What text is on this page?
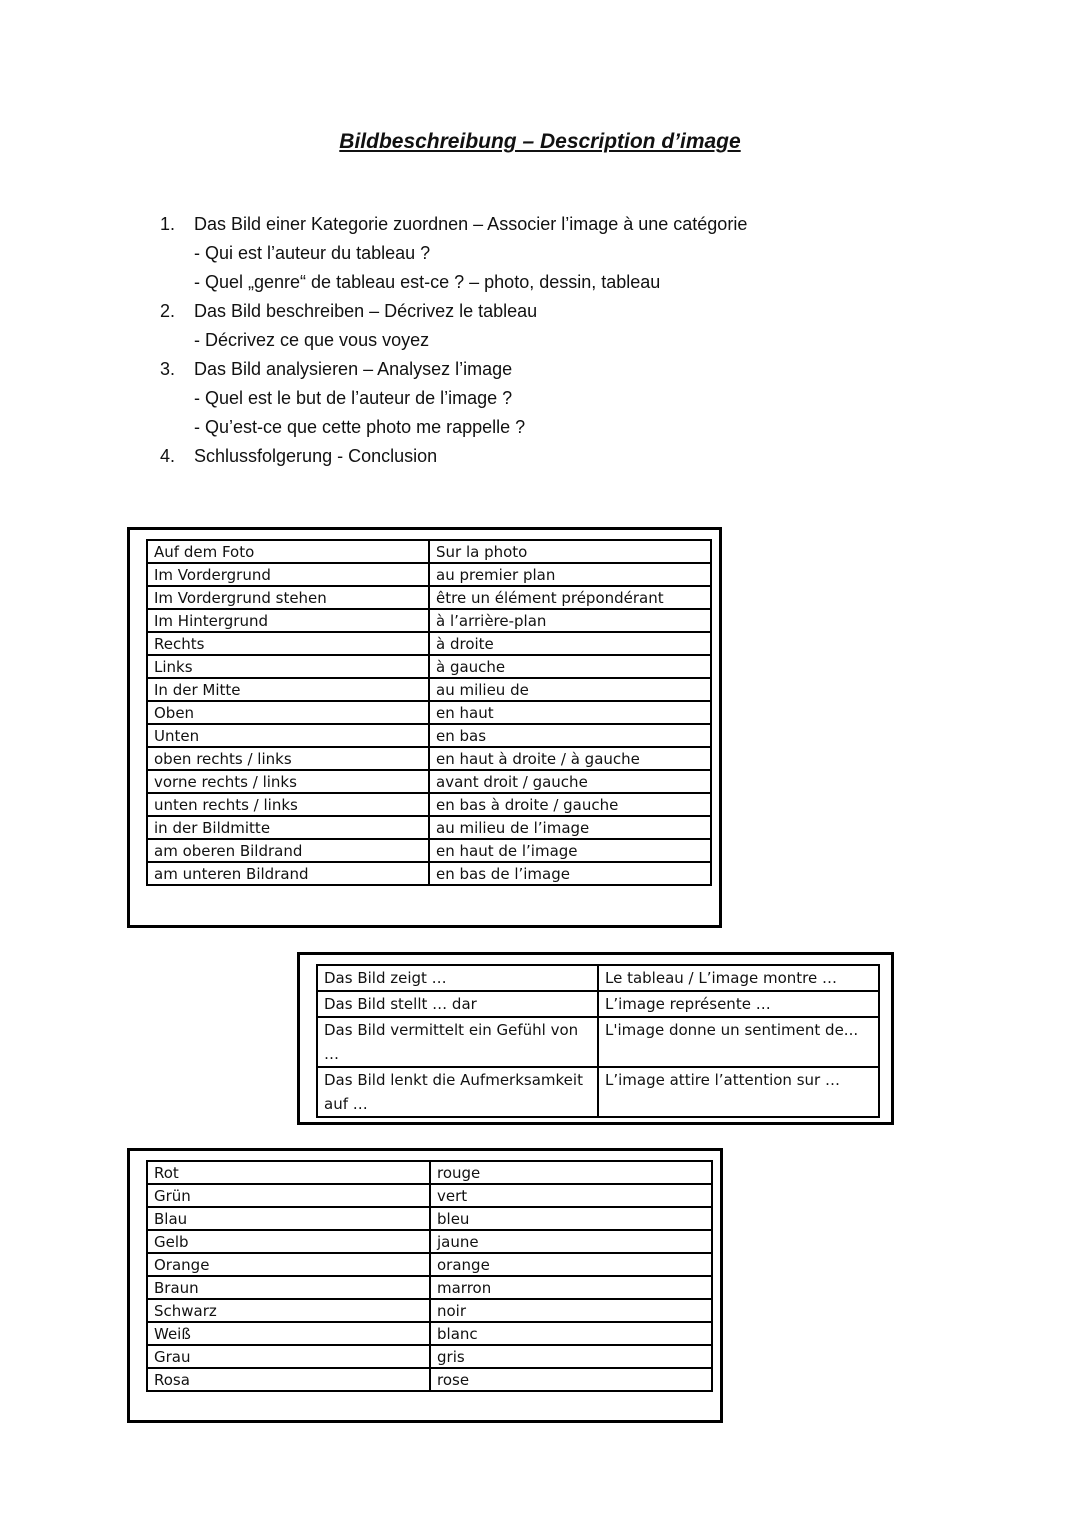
Bildbeschreibung – Description d’image
1. Das Bild einer Kategorie zuordnen – Associer l’image à une catégorie
- Qui est l’auteur du tableau ?
- Quel „genre“ de tableau est-ce ? – photo, dessin, tableau
2. Das Bild beschreiben – Décrivez le tableau
- Décrivez ce que vous voyez
3. Das Bild analysieren – Analysez l’image
- Quel est le but de l’auteur de l’image ?
- Qu’est-ce que cette photo me rappelle ?
4. Schlussfolgerung - Conclusion
Auf dem Foto	Sur la photo
Im Vordergrund	au premier plan
Im Vordergrund stehen	être un élément prépondérant
Im Hintergrund	à l’arrière-plan
Rechts	à droite
Links	à gauche
In der Mitte	au milieu de
Oben	en haut
Unten	en bas
oben rechts / links	en haut à droite / à gauche
vorne rechts / links	avant droit / gauche
unten rechts / links	en bas à droite / gauche
in der Bildmitte	au milieu de l’image
am oberen Bildrand	en haut de l’image
am unteren Bildrand	en bas de l’image
Das Bild zeigt …	Le tableau / L’image montre …
Das Bild stellt … dar	L’image représente …
Das Bild vermittelt ein Gefühl von …	L'image donne un sentiment de...
Das Bild lenkt die Aufmerksamkeit auf …	L’image attire l’attention sur …
Rot	rouge
Grün	vert
Blau	bleu
Gelb	jaune
Orange	orange
Braun	marron
Schwarz	noir
Weiß	blanc
Grau	gris
Rosa	rose
